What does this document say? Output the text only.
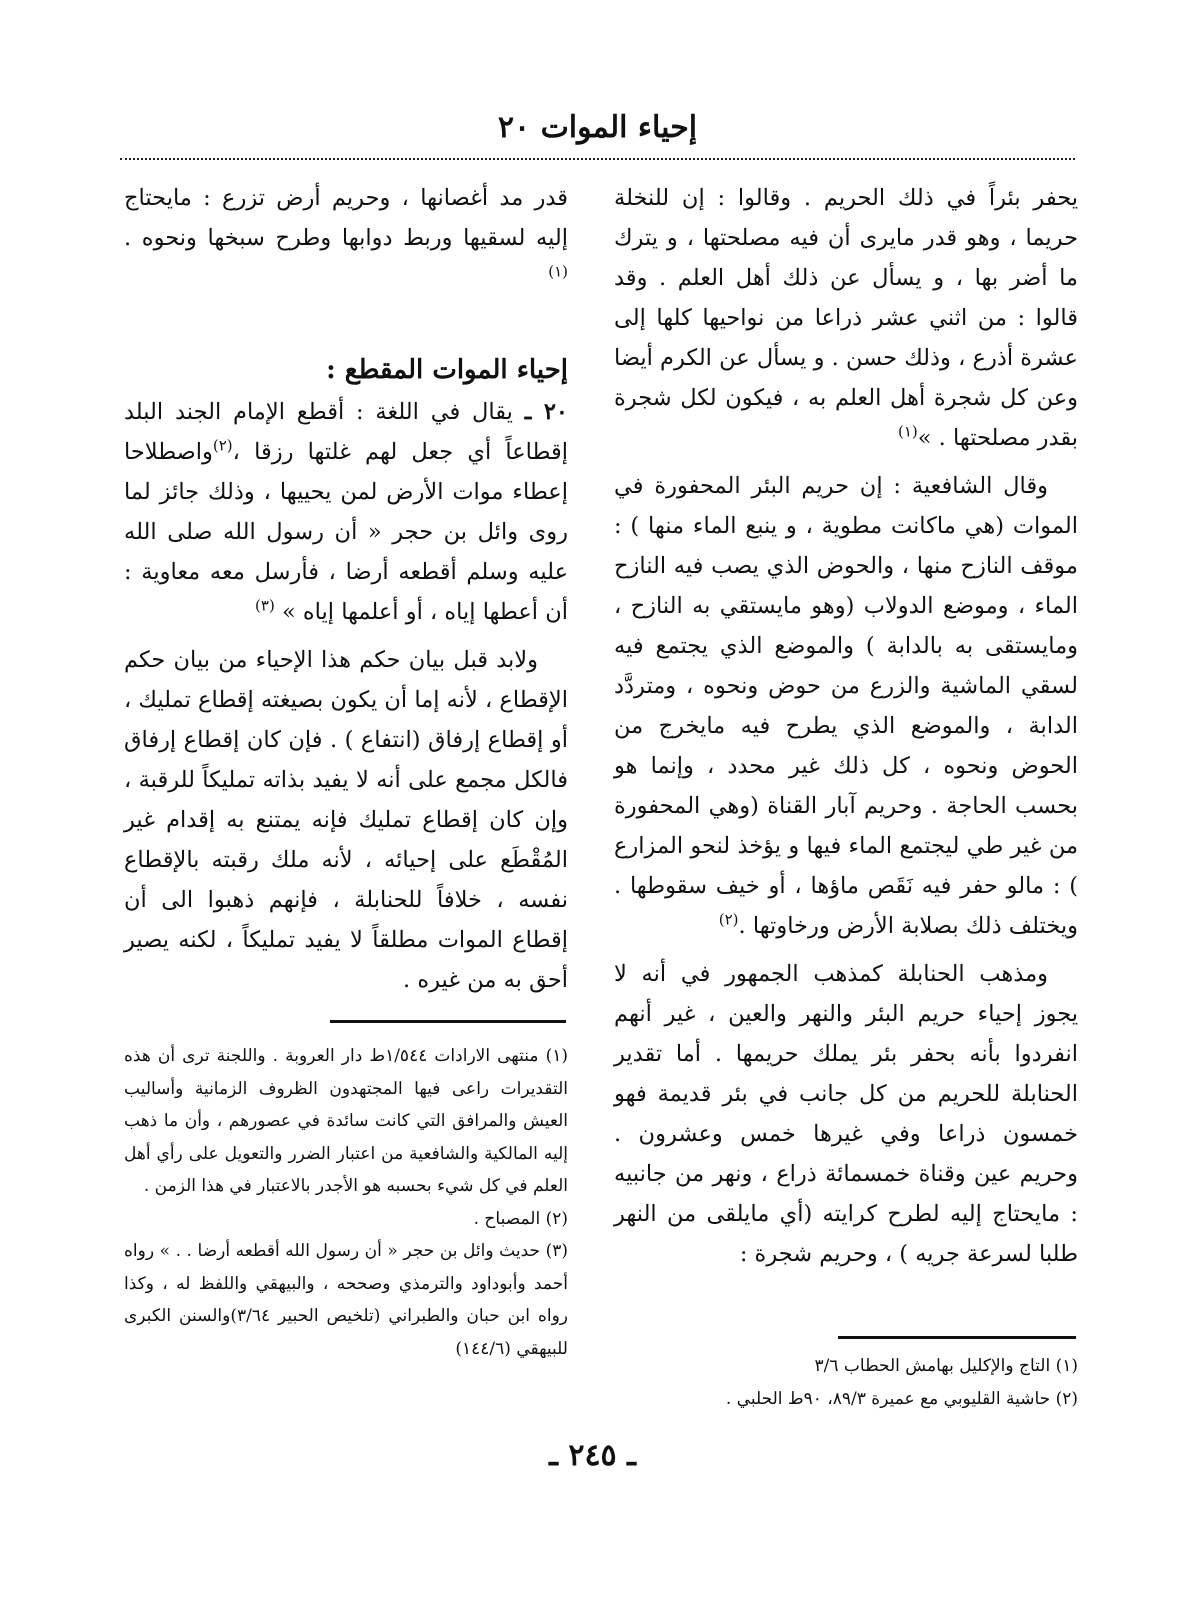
إحياء الموات ٢٠

يحفر بئراً في ذلك الحريم . وقالوا : إن للنخلة حريما ، وهو قدر مايرى أن فيه مصلحتها ، و يترك ما أضر بها ، و يسأل عن ذلك أهل العلم . وقد قالوا : من اثني عشر ذراعا من نواحيها كلها إلى عشرة أذرع ، وذلك حسن . و يسأل عن الكرم أيضا وعن كل شجرة أهل العلم به ، فيكون لكل شجرة بقدر مصلحتها . »$^{(١)}$

وقال الشافعية : إن حريم البئر المحفورة في الموات (هي ماكانت مطوية ، و ينبع الماء منها ) : موقف النازح منها ، والحوض الذي يصب فيه النازح الماء ، وموضع الدولاب (وهو مايستقي به النازح ، ومايستقى به بالدابة ) والموضع الذي يجتمع فيه لسقي الماشية والزرع من حوض ونحوه ، ومتردَّد الدابة ، والموضع الذي يطرح فيه مايخرج من الحوض ونحوه ، كل ذلك غير محدد ، وإنما هو بحسب الحاجة . وحريم آبار القناة (وهي المحفورة من غير طي ليجتمع الماء فيها و يؤخذ لنحو المزارع ) : مالو حفر فيه نَقَص ماؤها ، أو خيف سقوطها . ويختلف ذلك بصلابة الأرض ورخاوتها .$^{(٢)}$

ومذهب الحنابلة كمذهب الجمهور في أنه لا يجوز إحياء حريم البئر والنهر والعين ، غير أنهم انفردوا بأنه بحفر بئر يملك حريمها . أما تقدير الحنابلة للحريم من كل جانب في بئر قديمة فهو خمسون ذراعا وفي غيرها خمس وعشرون . وحريم عين وقناة خمسمائة ذراع ، ونهر من جانبيه : مايحتاج إليه لطرح كرايته (أي مايلقى من النهر طلبا لسرعة جريه ) ، وحريم شجرة :

قدر مد أغصانها ، وحريم أرض تزرع : مايحتاج إليه لسقيها وربط دوابها وطرح سبخها ونحوه . $^{(١)}$

إحياء الموات المقطع :

٢٠ ـ يقال في اللغة : أقطع الإمام الجند البلد إقطاعاً أي جعل لهم غلتها رزقا ،$^{(٢)}$واصطلاحا إعطاء موات الأرض لمن يحييها ، وذلك جائز لما روى وائل بن حجر « أن رسول الله صلى الله عليه وسلم أقطعه أرضا ، فأرسل معه معاوية : أن أعطها إياه ، أو أعلمها إياه » $^{(٣)}$

ولابد قبل بيان حكم هذا الإحياء من بيان حكم الإقطاع ، لأنه إما أن يكون بصيغته إقطاع تمليك ، أو إقطاع إرفاق (انتفاع ) . فإن كان إقطاع إرفاق فالكل مجمع على أنه لا يفيد بذاته تمليكاً للرقبة ، وإن كان إقطاع تمليك فإنه يمتنع به إقدام غير المُقْطَع على إحيائه ، لأنه ملك رقبته بالإقطاع نفسه ، خلافاً للحنابلة ، فإنهم ذهبوا الى أن إقطاع الموات مطلقاً لا يفيد تمليكاً ، لكنه يصير أحق به من غيره .

(١) منتهى الارادات ١/٥٤٤ط دار العروبة . واللجنة ترى أن هذه التقديرات راعى فيها المجتهدون الظروف الزمانية وأساليب العيش والمرافق التي كانت سائدة في عصورهم ، وأن ما ذهب إليه المالكية والشافعية من اعتبار الضرر والتعويل على رأي أهل العلم في كل شيء بحسبه هو الأجدر بالاعتبار في هذا الزمن .

(٢) المصباح .

(٣) حديث وائل بن حجر « أن رسول الله أقطعه أرضا . . » رواه أحمد وأبوداود والترمذي وصححه ، والبيهقي واللفظ له ، وكذا رواه ابن حبان والطبراني (تلخيص الحبير ٣/٦٤)والسنن الكبرى للبيهقي (١٤٤/٦)

(١) التاج والإكليل بهامش الحطاب ٣/٦

(٢) حاشية القليوبي مع عميرة ٨٩/٣، ٩٠ط الحلبي .

ـ ٢٤٥ ـ
